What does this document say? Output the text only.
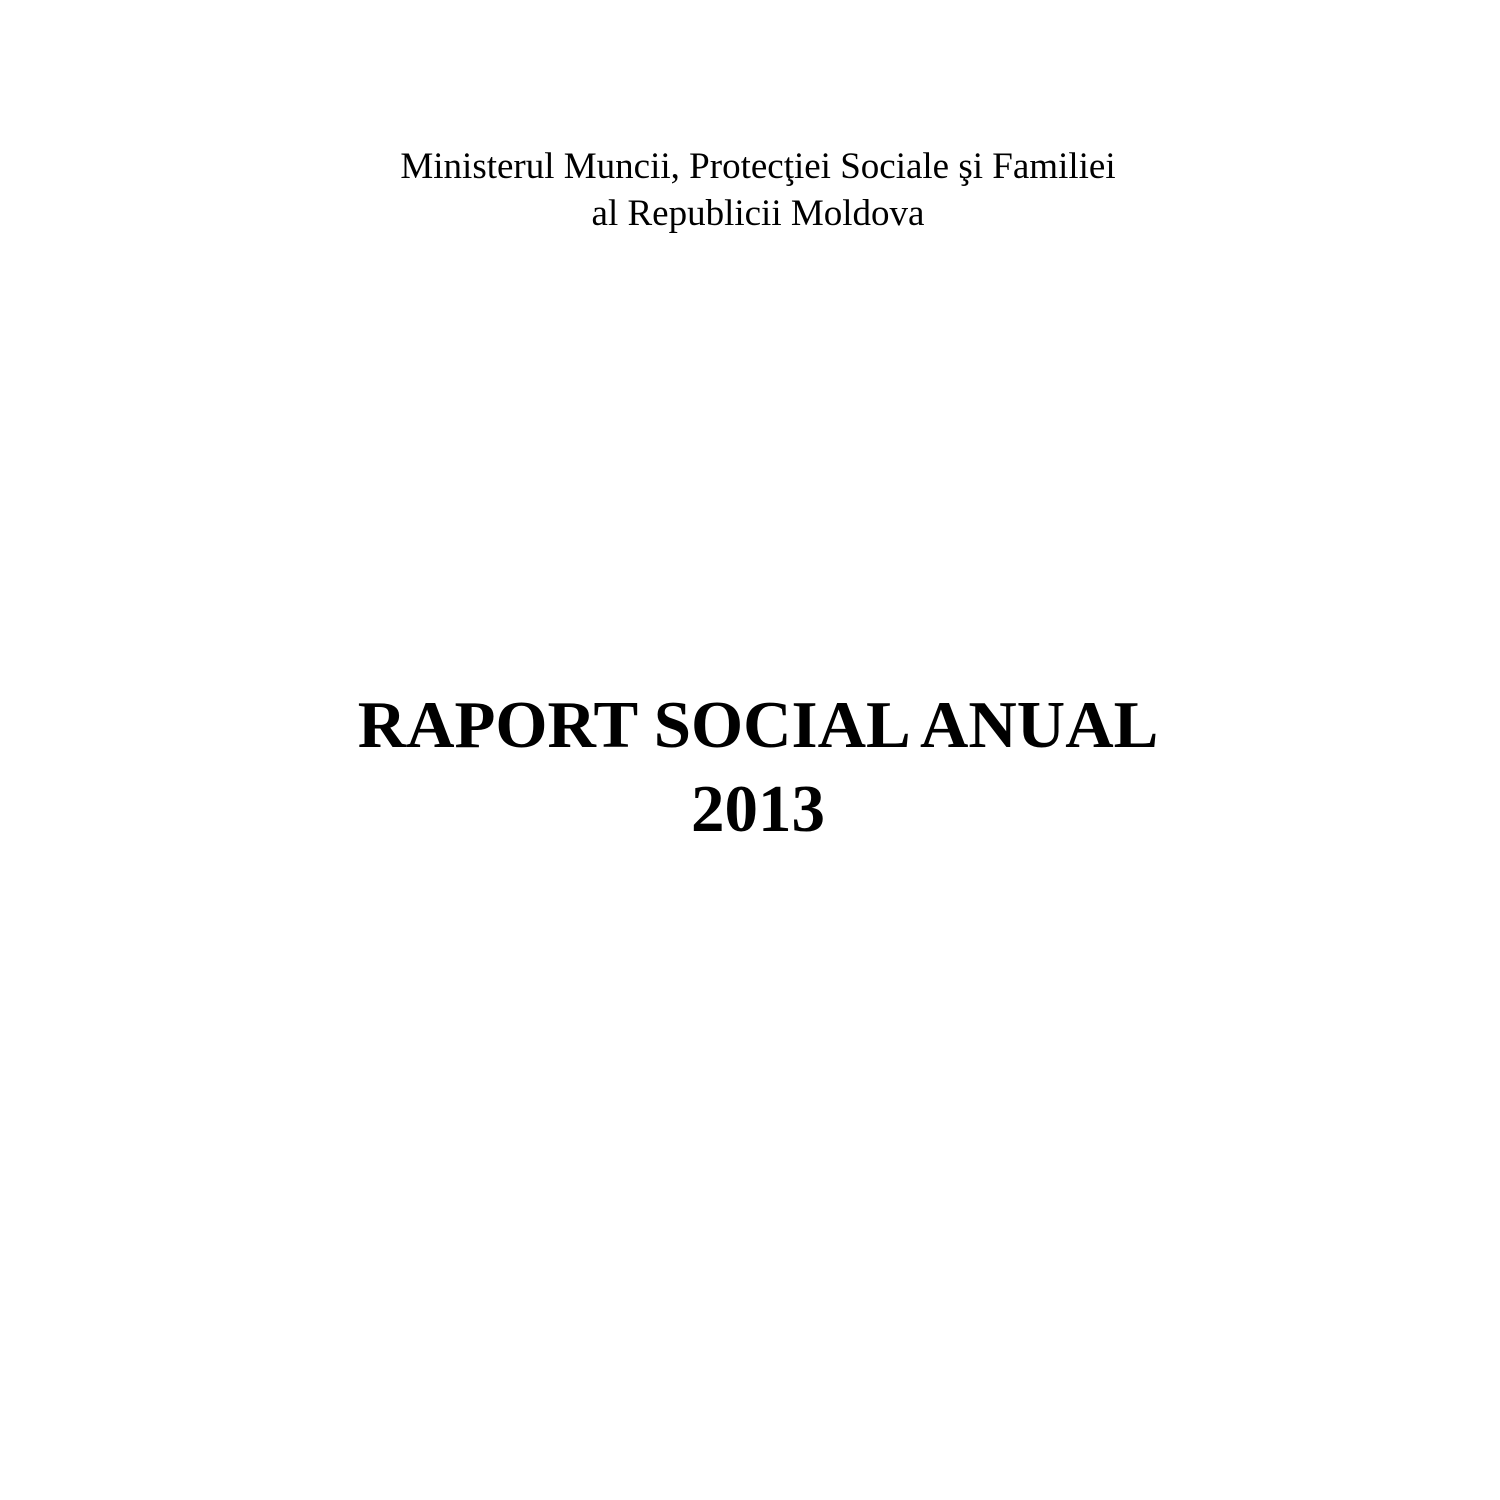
Ministerul Muncii, Protecţiei Sociale şi Familiei
al Republicii Moldova
RAPORT SOCIAL ANUAL
2013
